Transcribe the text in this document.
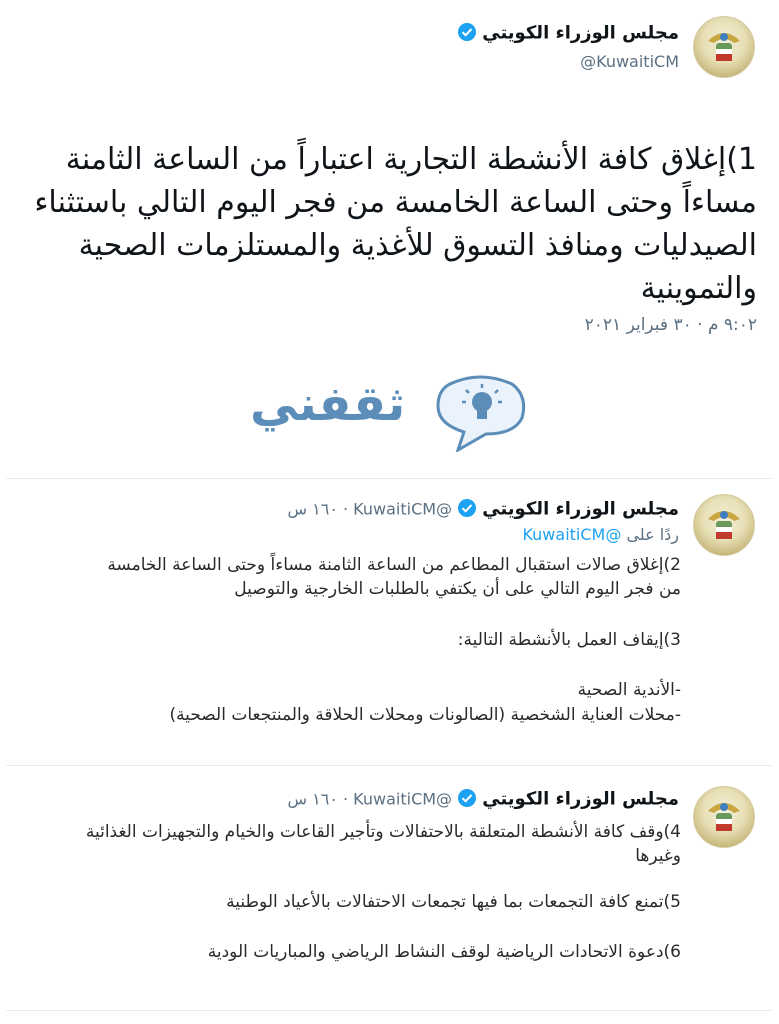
مجلس الوزراء الكويتي
@KuwaitiCM
1)إغلاق كافة الأنشطة التجارية اعتباراً من الساعة الثامنة مساءاً وحتى الساعة الخامسة من فجر اليوم التالي باستثناء الصيدليات ومنافذ التسوق للأغذية والمستلزمات الصحية والتموينية
٩:٠٢ م · ٣٠ فبراير ٢٠٢١
ثقفني
مجلس الوزراء الكويتي  @KuwaitiCM · ١٦٠ س
ردًا على @KuwaitiCM
2)إغلاق صالات استقبال المطاعم من الساعة الثامنة مساءاً وحتى الساعة الخامسة من فجر اليوم التالي على أن يكتفي بالطلبات الخارجية والتوصيل
3)إيقاف العمل بالأنشطة التالية:
-الأندية الصحية
-محلات العناية الشخصية (الصالونات ومحلات الحلاقة والمنتجعات الصحية)
مجلس الوزراء الكويتي  @KuwaitiCM · ١٦٠ س
4)وقف كافة الأنشطة المتعلقة بالاحتفالات وتأجير القاعات والخيام والتجهيزات الغذائية وغيرها
5)تمنع كافة التجمعات بما فيها تجمعات الاحتفالات بالأعياد الوطنية
6)دعوة الاتحادات الرياضية لوقف النشاط الرياضي والمباريات الودية
